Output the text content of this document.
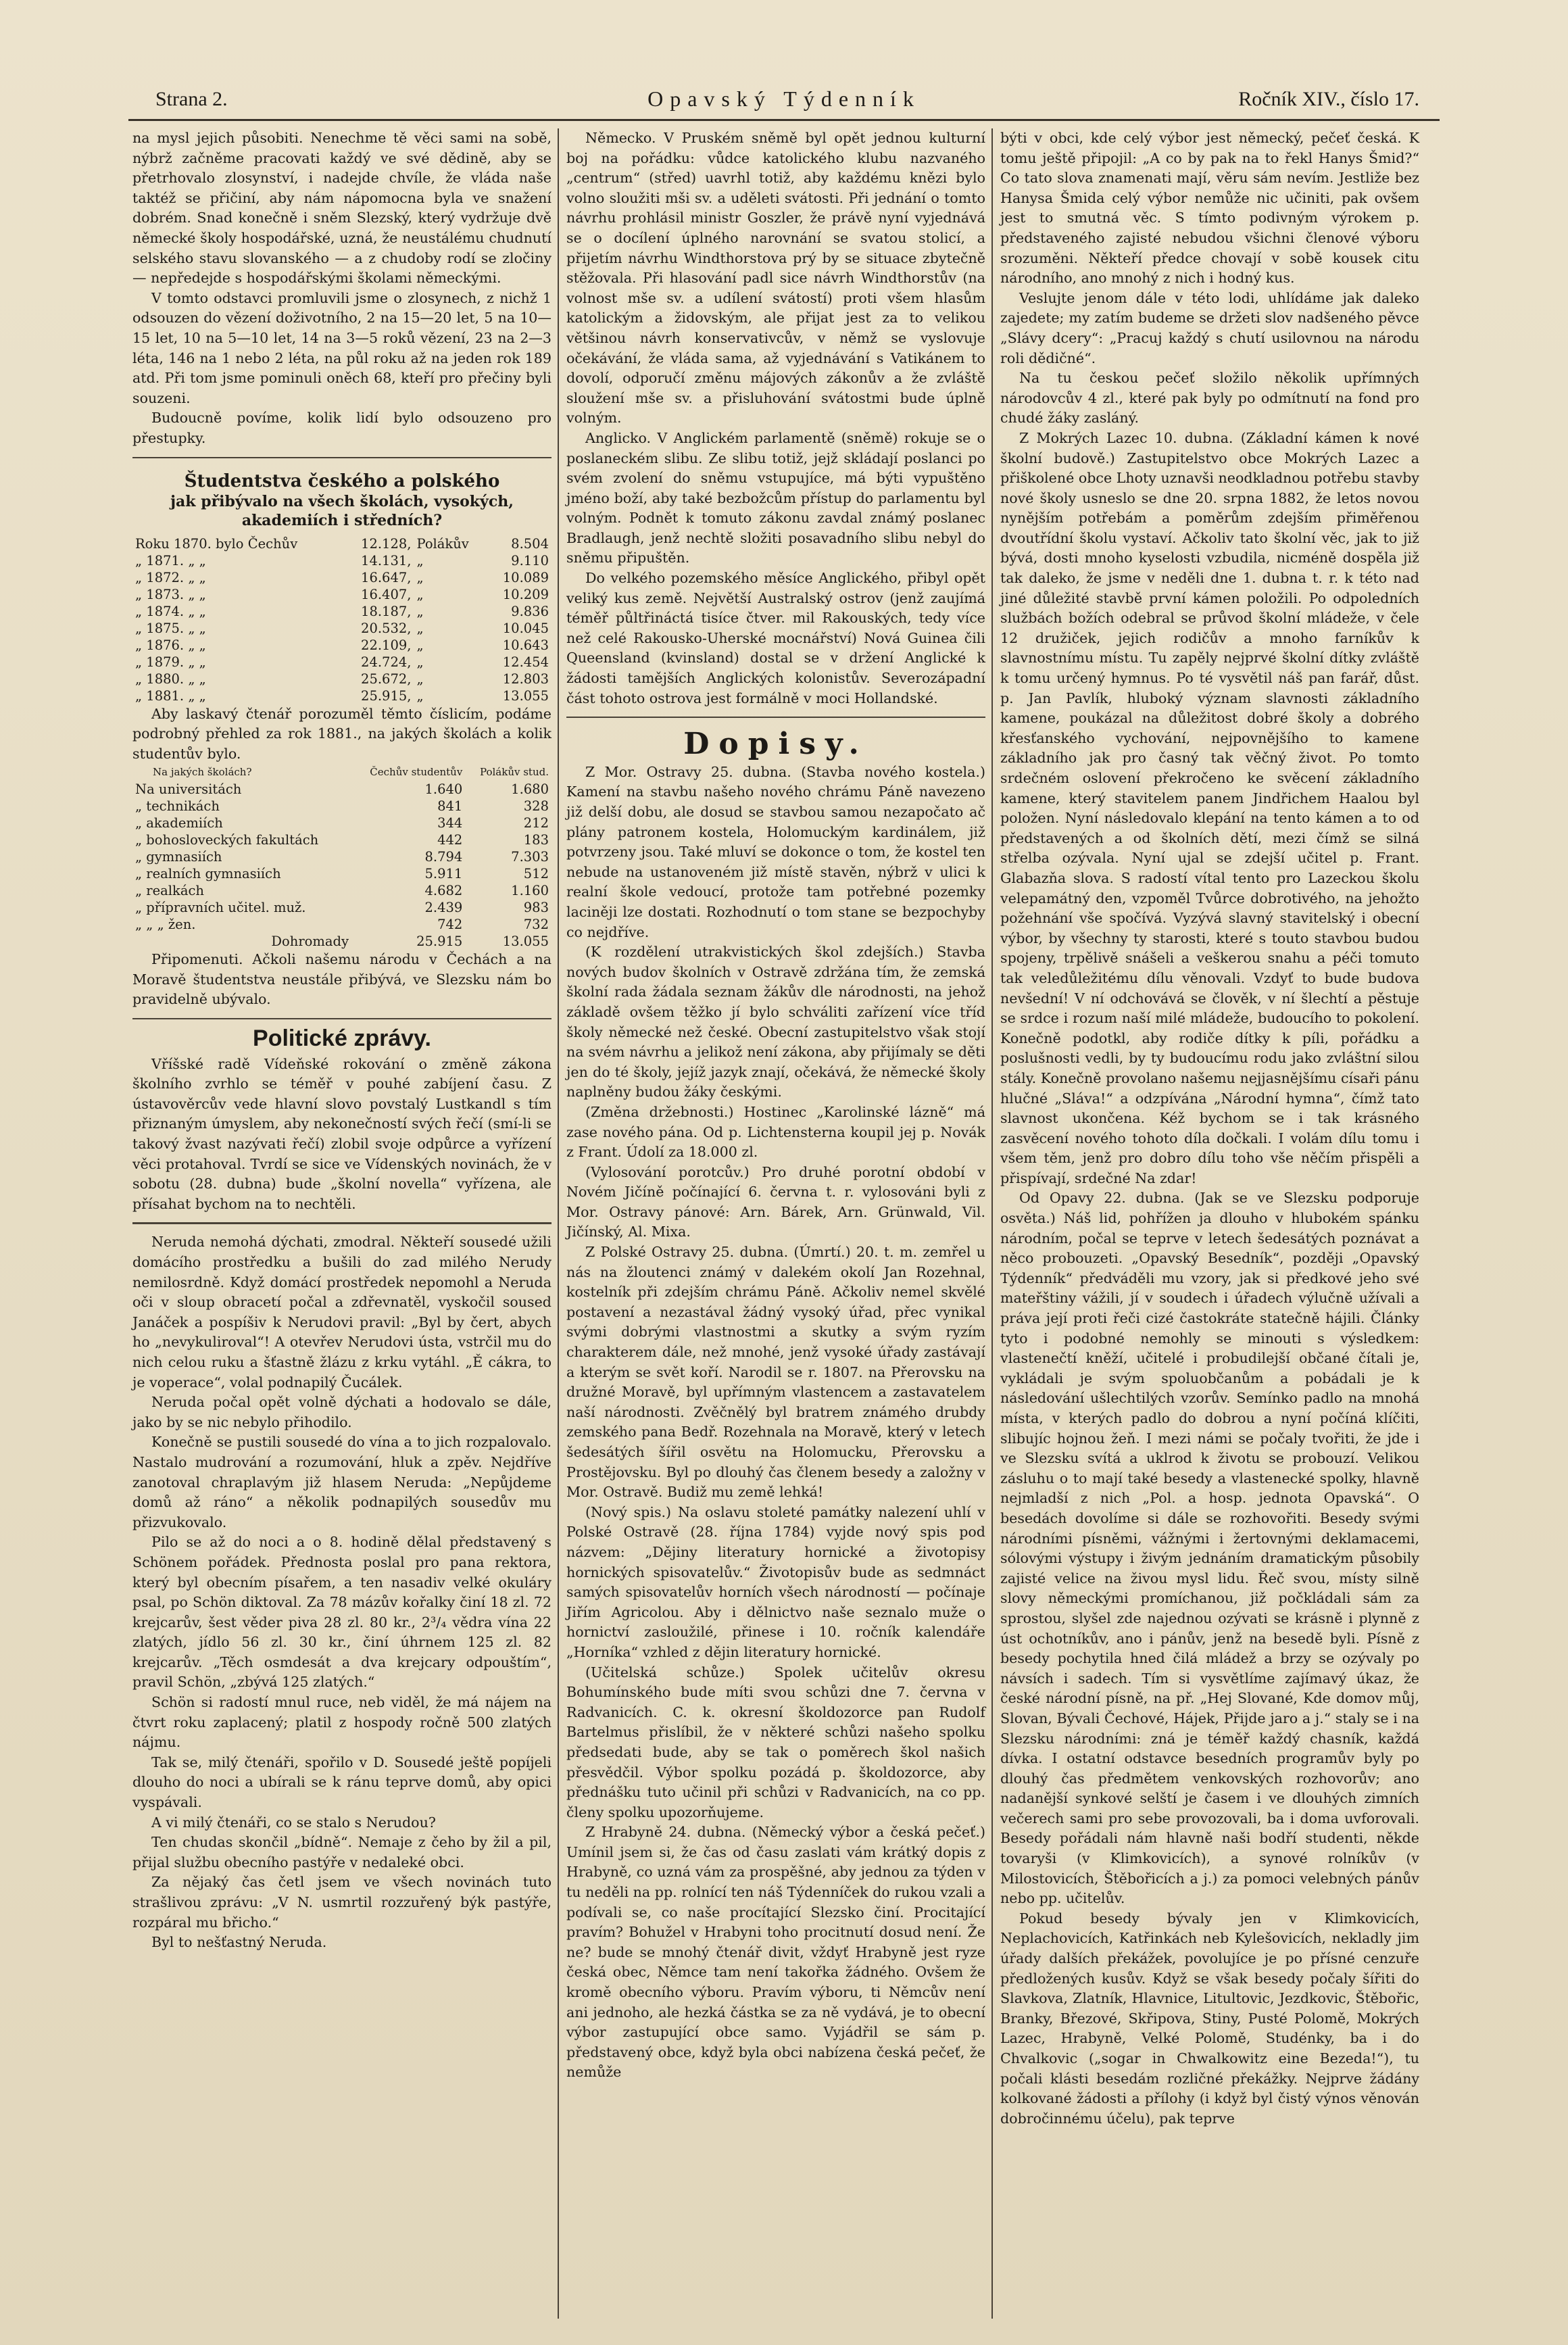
Strana 2.	Opavský Týdenník	Ročník XIV., číslo 17.

na mysl jejich působiti. Nenechme tě věci sami na sobě, nýbrž začněme pracovati každý ve své dědině, aby se přetrhovalo zlosynství, i nadejde chvíle, že vláda naše taktéž se přičiní, aby nám nápomocna byla ve snažení dobrém. Snad konečně i sněm Slezský, který vydržuje dvě německé školy hospodářské, uzná, že neustálému chudnutí selského stavu slovanského — a z chudoby rodí se zločiny — nepředejde s hospodářskými školami německými.

V tomto odstavci promluvili jsme o zlosynech, z nichž 1 odsouzen do vězení doživotního, 2 na 15—20 let, 5 na 10—15 let, 10 na 5—10 let, 14 na 3—5 roků vězení, 23 na 2—3 léta, 146 na 1 nebo 2 léta, na půl roku až na jeden rok 189 atd. Při tom jsme pominuli oněch 68, kteří pro přečiny byli souzeni.

Budoucně povíme, kolik lidí bylo odsouzeno pro přestupky.

Študentstva českého a polského
jak přibývalo na všech školách, vysokých, akademiích i středních?
Roku 1870. bylo Čechův	12.128,	Polákův	8.504
„ 1871. „ „	14.131,	„	9.110
„ 1872. „ „	16.647,	„	10.089
„ 1873. „ „	16.407,	„	10.209
„ 1874. „ „	18.187,	„	9.836
„ 1875. „ „	20.532,	„	10.045
„ 1876. „ „	22.109,	„	10.643
„ 1879. „ „	24.724,	„	12.454
„ 1880. „ „	25.672,	„	12.803
„ 1881. „ „	25.915,	„	13.055

Aby laskavý čtenář porozuměl těmto číslicím, podáme podrobný přehled za rok 1881., na jakých školách a kolik studentův bylo.

Na jakých školách?	Čechův studentův	Polákův stud.
Na universitách	1.640	1.680
„ technikách	841	328
„ akademiích	344	212
„ bohosloveckých fakultách	442	183
„ gymnasiích	8.794	7.303
„ realních gymnasiích	5.911	512
„ realkách	4.682	1.160
„ přípravních učitel. muž.	2.439	983
„ „ „ žen.	742	732
Dohromady	25.915	13.055

Připomenuti. Ačkoli našemu národu v Čechách a na Moravě študentstva neustále přibývá, ve Slezsku nám bo pravidelně ubývalo.

Politické zprávy.

Vříšské radě Vídeňské rokování o změně zákona školního zvrhlo se téměř v pouhé zabíjení času. Z ústavověrcův vede hlavní slovo povstalý Lustkandl s tím přiznaným úmyslem, aby nekonečností svých řečí (smí-li se takový žvast nazývati řečí) zlobil svoje odpůrce a vyřízení věci protahoval. Tvrdí se sice ve Vídenských novinách, že v sobotu (28. dubna) bude „školní novella“ vyřízena, ale přísahat bychom na to nechtěli.

Neruda nemohá dýchati, zmodral. Někteří sousedé užili domácího prostředku a bušili do zad milého Nerudy nemilosrdně. Když domácí prostředek nepomohl a Neruda oči v sloup obracetí počal a zdřevnatěl, vyskočil soused Janáček a pospíšiv k Nerudovi pravil: „Byl by čert, abych ho „nevykuliroval“! A otevřev Nerudovi ústa, vstrčil mu do nich celou ruku a šťastně žlázu z krku vytáhl. „Ě cákra, to je voperace“, volal podnapilý Čucálek.

Neruda počal opět volně dýchati a hodovalo se dále, jako by se nic nebylo přihodilo.

Konečně se pustili sousedé do vína a to jich rozpalovalo. Nastalo mudrování a rozumování, hluk a zpěv. Nejdříve zanotoval chraplavým již hlasem Neruda: „Nepůjdeme domů až ráno“ a několik podnapilých sousedův mu přizvukovalo.

Pilo se až do noci a o 8. hodině dělal představený s Schönem pořádek. Přednosta poslal pro pana rektora, který byl obecním písařem, a ten nasadiv velké okuláry psal, po Schön diktoval. Za 78 mázův kořalky činí 18 zl. 72 krejcarův, šest věder piva 28 zl. 80 kr., 2³/₄ vědra vína 22 zlatých, jídlo 56 zl. 30 kr., činí úhrnem 125 zl. 82 krejcarův. „Těch osmdesát a dva krejcary odpouštím“, pravil Schön, „zbývá 125 zlatých.“

Schön si radostí mnul ruce, neb viděl, že má nájem na čtvrt roku zaplacený; platil z hospody ročně 500 zlatých nájmu.

Tak se, milý čtenáři, spořilo v D. Sousedé ještě popíjeli dlouho do noci a ubírali se k ránu teprve domů, aby opici vyspávali.

A vi milý čtenáři, co se stalo s Nerudou?

Ten chudas skončil „bídně“. Nemaje z čeho by žil a pil, přijal službu obecního pastýře v nedaleké obci.

Za nějaký čas četl jsem ve všech novinách tuto strašlivou zprávu: „V N. usmrtil rozzuřený býk pastýře, rozpáral mu břicho.“

Byl to nešťastný Neruda.

Německo. V Pruském sněmě byl opět jednou kulturní boj na pořádku: vůdce katolického klubu nazvaného „centrum“ (střed) uavrhl totiž, aby každému knězi bylo volno sloužiti mši sv. a uděleti svátosti. Při jednání o tomto návrhu prohlásil ministr Goszler, že právě nyní vyjednává se o docílení úplného narovnání se svatou stolicí, a přijetím návrhu Windthorstova prý by se situace zbytečně stěžovala. Při hlasování padl sice návrh Windthorstův (na volnost mše sv. a udílení svátostí) proti všem hlasům katolickým a židovským, ale přijat jest za to velikou většinou návrh konservativcův, v němž se vyslovuje očekávání, že vláda sama, až vyjednávání s Vatikánem to dovolí, odporučí změnu májových zákonův a že zvláště sloužení mše sv. a přisluhování svátostmi bude úplně volným.

Anglicko. V Anglickém parlamentě (sněmě) rokuje se o poslaneckém slibu. Ze slibu totiž, jejž skládají poslanci po svém zvolení do sněmu vstupujíce, má býti vypuštěno jméno boží, aby také bezbožcům přístup do parlamentu byl volným. Podnět k tomuto zákonu zavdal známý poslanec Bradlaugh, jenž nechtě složiti posavadního slibu nebyl do sněmu připuštěn.

Do velkého pozemského měsíce Anglického, přibyl opět veliký kus země. Největší Australský ostrov (jenž zaujímá téměř půltřináctá tisíce čtver. mil Rakouských, tedy více než celé Rakousko-Uherské mocnářství) Nová Guinea čili Queensland (kvinsland) dostal se v držení Anglické k žádosti tamějších Anglických kolonistův. Severozápadní část tohoto ostrova jest formálně v moci Hollandské.

Dopisy.

Z Mor. Ostravy 25. dubna. (Stavba nového kostela.) Kamení na stavbu našeho nového chrámu Páně navezeno již delší dobu, ale dosud se stavbou samou nezapočato ač plány patronem kostela, Holomuckým kardinálem, již potvrzeny jsou. Také mluví se dokonce o tom, že kostel ten nebude na ustanoveném již místě stavěn, nýbrž v ulici k realní škole vedoucí, protože tam potřebné pozemky laciněji lze dostati. Rozhodnutí o tom stane se bezpochyby co nejdříve.

(K rozdělení utrakvistických škol zdejších.) Stavba nových budov školních v Ostravě zdržána tím, že zemská školní rada žádala seznam žákův dle národnosti, na jehož základě ovšem těžko jí bylo schváliti zařízení více tříd školy německé než české. Obecní zastupitelstvo však stojí na svém návrhu a jelikož není zákona, aby přijímaly se děti jen do té školy, jejíž jazyk znají, očekává, že německé školy naplněny budou žáky českými.

(Změna držebnosti.) Hostinec „Karolinské lázně“ má zase nového pána. Od p. Lichtensterna koupil jej p. Novák z Frant. Údolí za 18.000 zl.

(Vylosování porotcův.) Pro druhé porotní období v Novém Jičíně počínající 6. června t. r. vylosováni byli z Mor. Ostravy pánové: Arn. Bárek, Arn. Grünwald, Vil. Jičínský, Al. Mixa.

Z Polské Ostravy 25. dubna. (Úmrtí.) 20. t. m. zemřel u nás na žloutenci známý v dalekém okolí Jan Rozehnal, kostelník při zdejším chrámu Páně. Ačkoliv nemel skvělé postavení a nezastával žádný vysoký úřad, přec vynikal svými dobrými vlastnostmi a skutky a svým ryzím charakterem dále, než mnohé, jenž vysoké úřady zastávají a kterým se svět koří. Narodil se r. 1807. na Přerovsku na družné Moravě, byl upřímným vlastencem a zastavatelem naší národnosti. Zvěčnělý byl bratrem známého drubdy zemského pana Bedř. Rozehnala na Moravě, který v letech šedesátých šířil osvětu na Holomucku, Přerovsku a Prostějovsku. Byl po dlouhý čas členem besedy a založny v Mor. Ostravě. Budiž mu země lehká!

(Nový spis.) Na oslavu stoleté památky nalezení uhlí v Polské Ostravě (28. října 1784) vyjde nový spis pod názvem: „Dějiny literatury hornické a životopisy hornických spisovatelův.“ Životopisův bude as sedmnáct samých spisovatelův horních všech národností — počínaje Jiřím Agricolou. Aby i dělnictvo naše seznalo muže o hornictví zasloužilé, přinese i 10. ročník kalendáře „Horníka“ vzhled z dějin literatury hornické.

(Učitelská schůze.) Spolek učitelův okresu Bohumínského bude míti svou schůzi dne 7. června v Radvanicích. C. k. okresní školdozorce pan Rudolf Bartelmus přislíbil, že v některé schůzi našeho spolku předsedati bude, aby se tak o poměrech škol našich přesvědčil. Výbor spolku pozádá p. školdozorce, aby přednášku tuto učinil při schůzi v Radvanicích, na co pp. členy spolku upozorňujeme.

Z Hrabyně 24. dubna. (Německý výbor a česká pečeť.) Umínil jsem si, že čas od času zaslati vám krátký dopis z Hrabyně, co uzná vám za prospěšné, aby jednou za týden v tu neděli na pp. rolnící ten náš Týdenníček do rukou vzali a podívali se, co naše procítající Slezsko činí. Procitající pravím? Bohužel v Hrabyni toho procitnutí dosud není. Že ne? bude se mnohý čtenář divit, vždyť Hrabyně jest ryze česká obec, Němce tam není takořka žádného. Ovšem že kromě obecního výboru. Pravím výboru, ti Němcův není ani jednoho, ale hezká částka se za ně vydává, je to obecní výbor zastupující obce samo. Vyjádřil se sám p. představený obce, když byla obci nabízena česká pečeť, že nemůže

býti v obci, kde celý výbor jest německý, pečeť česká. K tomu ještě připojil: „A co by pak na to řekl Hanys Šmid?“ Co tato slova znamenati mají, věru sám nevím. Jestliže bez Hanysa Šmida celý výbor nemůže nic učiniti, pak ovšem jest to smutná věc. S tímto podivným výrokem p. představeného zajisté nebudou všichni členové výboru srozuměni. Někteří předce chovají v sobě kousek citu národního, ano mnohý z nich i hodný kus.

Veslujte jenom dále v této lodi, uhlídáme jak daleko zajedete; my zatím budeme se držeti slov nadšeného pěvce „Slávy dcery“: „Pracuj každý s chutí usilovnou na národu roli dědičné“.

Na tu českou pečeť složilo několik upřímných národovcův 4 zl., které pak byly po odmítnutí na fond pro chudé žáky zasláný.

Z Mokrých Lazec 10. dubna. (Základní kámen k nové školní budově.) Zastupitelstvo obce Mokrých Lazec a přiškolené obce Lhoty uznavši neodkladnou potřebu stavby nové školy usneslo se dne 20. srpna 1882, že letos novou nynějším potřebám a poměrům zdejším přiměřenou dvoutřídní školu vystaví. Ačkoliv tato školní věc, jak to již bývá, dosti mnoho kyselosti vzbudila, nicméně dospěla již tak daleko, že jsme v neděli dne 1. dubna t. r. k této nad jiné důležité stavbě první kámen položili. Po odpoledních službách božích odebral se průvod školní mládeže, v čele 12 družiček, jejich rodičův a mnoho farníkův k slavnostnímu místu. Tu zapěly nejprvé školní dítky zvláště k tomu určený hymnus. Po té vysvětil náš pan farář, důst. p. Jan Pavlík, hluboký význam slavnosti základního kamene, poukázal na důležitost dobré školy a dobrého křesťanského vychování, nejpovnějšího to kamene základního jak pro časný tak věčný život. Po tomto srdečném oslovení překročeno ke svěcení základního kamene, který stavitelem panem Jindřichem Haalou byl položen. Nyní následovalo klepání na tento kámen a to od představených a od školních dětí, mezi čímž se silná střelba ozývala. Nyní ujal se zdejší učitel p. Frant. Glabazňa slova. S radostí vítal tento pro Lazeckou školu velepamátný den, vzpoměl Tvůrce dobrotivého, na jehožto požehnání vše spočívá. Vyzývá slavný stavitelský i obecní výbor, by všechny ty starosti, které s touto stavbou budou spojeny, trpělivě snášeli a veškerou snahu a péči tomuto tak veledůležitému dílu věnovali. Vzdyť to bude budova nevšední! V ní odchovává se člověk, v ní šlechtí a pěstuje se srdce i rozum naší milé mládeže, budoucího to pokolení. Konečně podotkl, aby rodiče dítky k píli, pořádku a poslušnosti vedli, by ty budoucímu rodu jako zvláštní silou stály. Konečně provolano našemu nejjasnějšímu císaři pánu hlučné „Sláva!“ a odzpívána „Národní hymna“, čímž tato slavnost ukončena. Kéž bychom se i tak krásného zasvěcení nového tohoto díla dočkali. I volám dílu tomu i všem těm, jenž pro dobro dílu toho vše něčím přispěli a přispívají, srdečné Na zdar!

Od Opavy 22. dubna. (Jak se ve Slezsku podporuje osvěta.) Náš lid, pohřížen ja dlouho v hlubokém spánku národním, počal se teprve v letech šedesátých poznávat a něco probouzeti. „Opavský Besedník“, později „Opavský Týdenník“ předváděli mu vzory, jak si předkové jeho své mateřštiny vážili, jí v soudech i úřadech výlučně užívali a práva její proti řeči cizé častokráte statečně hájili. Články tyto i podobné nemohly se minouti s výsledkem: vlastenečtí kněží, učitelé i probudilejší občané čítali je, vykládali je svým spoluobčanům a pobádali je k následování ušlechtilých vzorův. Semínko padlo na mnohá místa, v kterých padlo do dobrou a nyní počíná klíčiti, slibujíc hojnou žeň. I mezi námi se počaly tvořiti, že jde i ve Slezsku svítá a uklrod k životu se probouzí. Velikou zásluhu o to mají také besedy a vlastenecké spolky, hlavně nejmladší z nich „Pol. a hosp. jednota Opavská“. O besedách dovolíme si dále se rozhovořiti. Besedy svými národními písněmi, vážnými i žertovnými deklamacemi, sólovými výstupy i živým jednáním dramatickým působily zajisté velice na živou mysl lidu. Řeč svou, místy silně slovy německými promíchanou, již počkládali sám za sprostou, slyšel zde najednou ozývati se krásně i plynně z úst ochotníkův, ano i pánův, jenž na besedě byli. Písně z besedy pochytila hned čilá mládež a brzy se ozývaly po návsích i sadech. Tím si vysvětlíme zajímavý úkaz, že české národní písně, na př. „Hej Slované, Kde domov můj, Slovan, Bývali Čechové, Hájek, Přijde jaro a j.“ staly se i na Slezsku národními: zná je téměř každý chasník, každá dívka. I ostatní odstavce besedních programův byly po dlouhý čas předmětem venkovských rozhovorův; ano nadanější synkové selští je časem i ve dlouhých zimních večerech sami pro sebe provozovali, ba i doma uvforovali. Besedy pořádali nám hlavně naši bodří studenti, někde tovaryši (v Klimkovicích), a synové rolníkův (v Milostovicích, Štěbořicích a j.) za pomoci velebných pánův nebo pp. učitelův.

Pokud besedy bývaly jen v Klimkovicích, Neplachovicích, Katřinkách neb Kylešovicích, nekladly jim úřady dalších překážek, povolujíce je po přísné cenzuře předložených kusův. Když se však besedy počaly šířiti do Slavkova, Zlatník, Hlavnice, Litultovic, Jezdkovic, Štěbořic, Branky, Březové, Skřipova, Stiny, Pusté Polomě, Mokrých Lazec, Hrabyně, Velké Polomě, Studénky, ba i do Chvalkovic („sogar in Chwalkowitz eine Bezeda!“), tu počali klásti besedám rozličné překážky. Nejprve žádány kolkované žádosti a přílohy (i když byl čistý výnos věnován dobročinnému účelu), pak teprve
